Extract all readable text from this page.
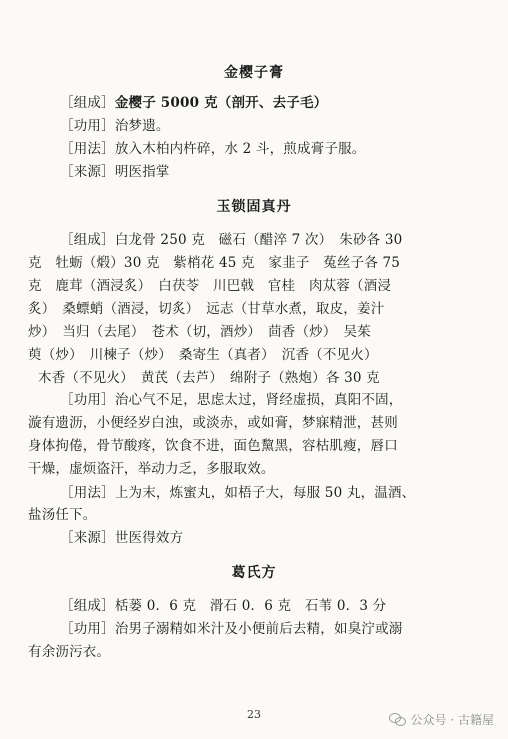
金樱子膏
［组成］金樱子 5000 克（剖开、去子毛）
［功用］治梦遗。
［用法］放入木柏内杵碎，水 2 斗，煎成膏子服。
［来源］明医指掌
玉锁固真丹
［组成］白龙骨 250 克　磁石（醋淬 7 次）　朱砂各 30
克　牡蛎（煅）30 克　紫梢花 45 克　家韭子　菟丝子各 75
克　鹿茸（酒浸炙）　白茯苓　川巴戟　官桂　肉苁蓉（酒浸
炙）　桑螵蛸（酒浸，切炙）　远志（甘草水煮，取皮，姜汁
炒）　当归（去尾）　苍术（切，酒炒）　茴香（炒）　吴茱
萸（炒）　川楝子（炒）　桑寄生（真者）　沉香（不见火）
木香（不见火）　黄芪（去芦）　绵附子（熟炮）各 30 克
［功用］治心气不足，思虑太过，肾经虚损，真阳不固，
漩有遗沥，小便经岁白浊，或淡赤，或如膏，梦寐精泄，甚则
身体拘倦，骨节酸疼，饮食不进，面色黧黑，容枯肌瘦，唇口
干燥，虚烦盗汗，举动力乏，多服取效。
［用法］上为末，炼蜜丸，如梧子大，每服 50 丸，温酒、
盐汤任下。
［来源］世医得效方
葛氏方
［组成］栝蒌 0．6 克　滑石 0．6 克　石苇 0．3 分
［功用］治男子溺精如米汁及小便前后去精，如臭泞或溺
有余沥污衣。
23	公众号 · 古籍屋
